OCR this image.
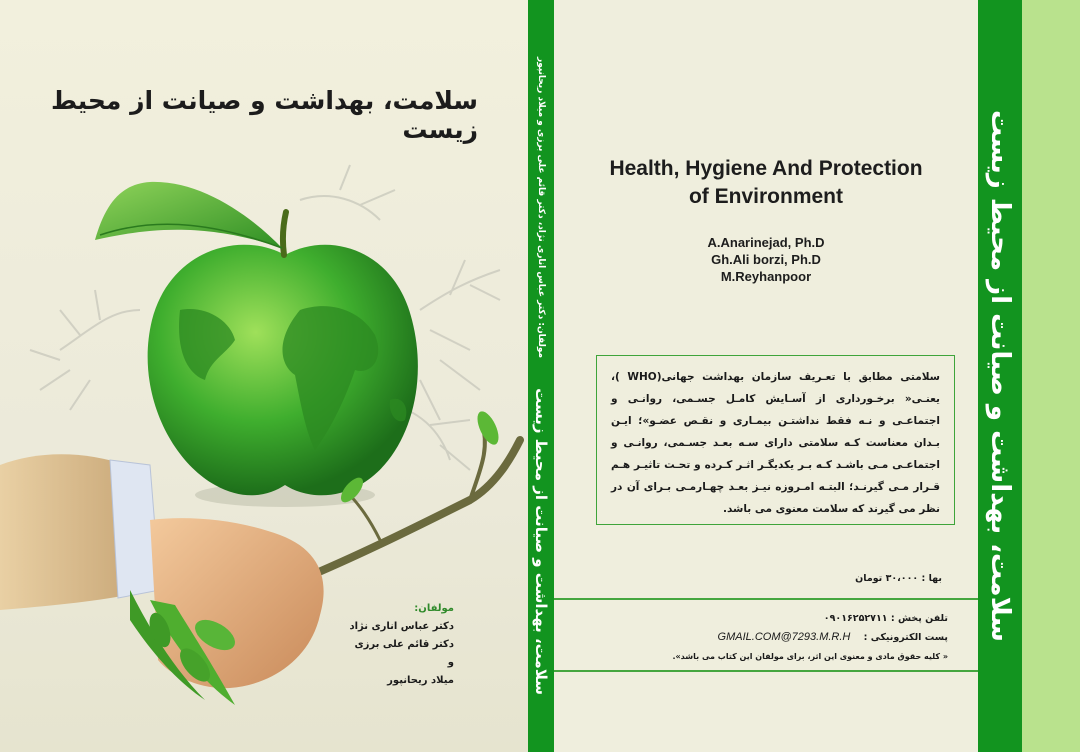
سلامت، بهداشت و صیانت از محیط زیست
مولفان:
دکتر عباس انارى نژاد
دکتر قائم على برزی
و
میلاد ریحانپور	سلامت، بهداشت و صیانت از محیط زیست
مولفان: دکتر عباس انارى نژاد، دکتر قائم علی برزی و میلاد ریحانپور	Health, Hygiene And Protection
of Environment
A.Anarinejad, Ph.D
Gh.Ali borzi, Ph.D
M.Reyhanpoor
سلامتی مطابق با تعـریف سازمان بهداشت جهانی(WHO )، یعنـی« برخـورداری از آسـایش کامـل جسـمی، روانـی و اجتماعـی و نـه فقط نداشتـن بیمـاری و نقـص عضـو»؛ ایـن بـدان معناست کـه سلامتی دارای سـه بعـد جسـمی، روانـی و اجتماعـی مـی باشـد کـه بـر یکدیگـر اثـر کـرده و تحـت تاثیـر هـم قـرار مـی گیرنـد؛ البتـه امـروزه نیـز بعـد چهـارمـی بـرای آن در نظر می گیرند که سلامت معنوی می باشد.
بها : ۳۰،۰۰۰ تومان
تلفن پخش : ۰۹۰۱۶۲۵۲۷۱۱
پست الکترونیکی : GMAIL.COM@7293.M.R.H
« کلیه حقوق مادی و معنوی این اثر، برای مولفان این کتاب می باشد».
سلامت، بهداشت و صیانت از محیط زیست
